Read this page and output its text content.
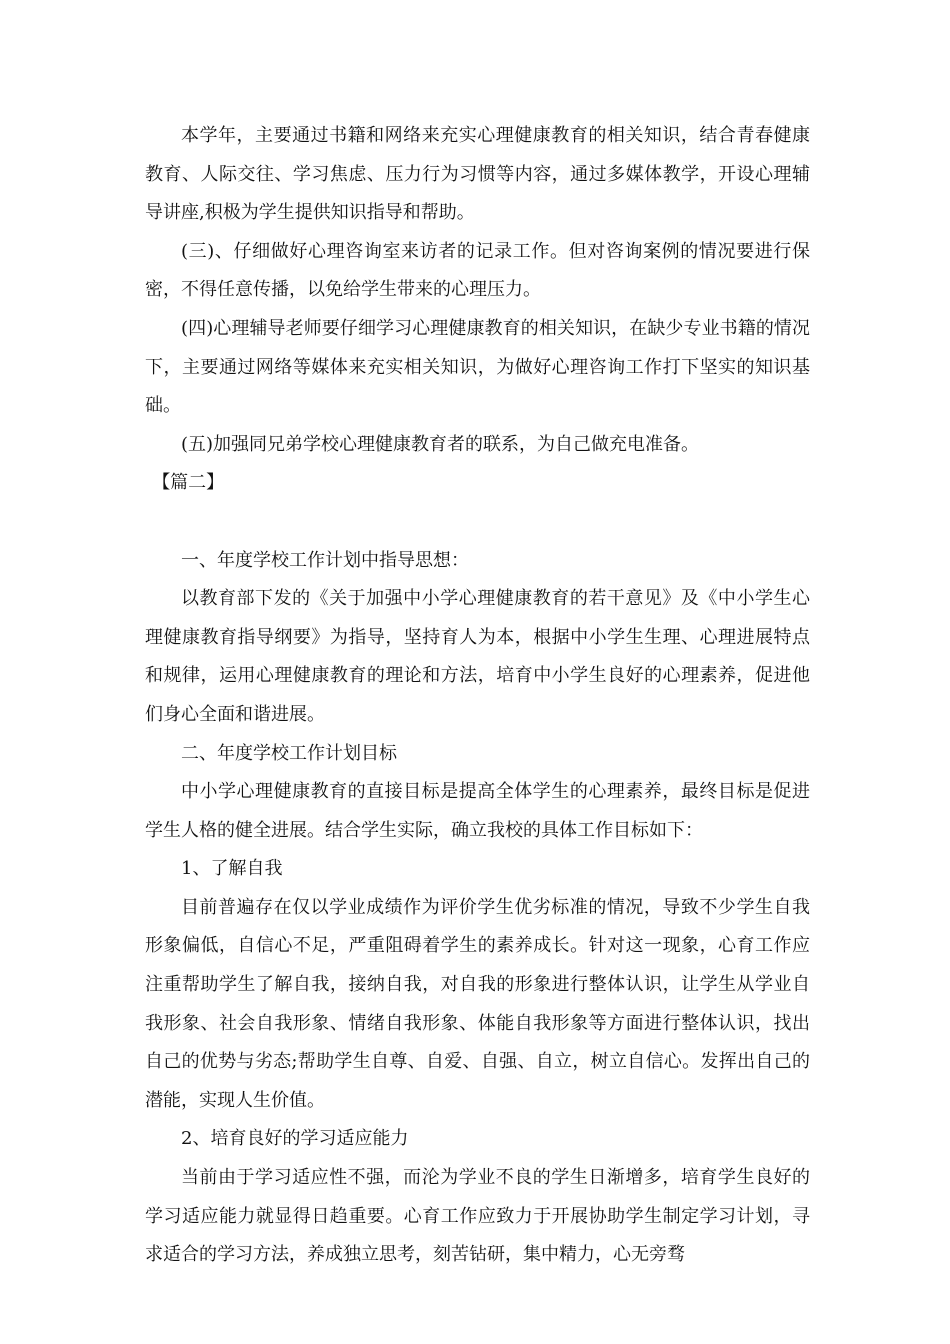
本学年，主要通过书籍和网络来充实心理健康教育的相关知识，结合青春健康教育、人际交往、学习焦虑、压力行为习惯等内容，通过多媒体教学，开设心理辅导讲座,积极为学生提供知识指导和帮助。

(三)、仔细做好心理咨询室来访者的记录工作。但对咨询案例的情况要进行保密，不得任意传播，以免给学生带来的心理压力。

(四)心理辅导老师要仔细学习心理健康教育的相关知识，在缺少专业书籍的情况下，主要通过网络等媒体来充实相关知识，为做好心理咨询工作打下坚实的知识基础。

(五)加强同兄弟学校心理健康教育者的联系，为自己做充电准备。

【篇二】

一、年度学校工作计划中指导思想：

以教育部下发的《关于加强中小学心理健康教育的若干意见》及《中小学生心理健康教育指导纲要》为指导，坚持育人为本，根据中小学生生理、心理进展特点和规律，运用心理健康教育的理论和方法，培育中小学生良好的心理素养，促进他们身心全面和谐进展。

二、年度学校工作计划目标

中小学心理健康教育的直接目标是提高全体学生的心理素养，最终目标是促进学生人格的健全进展。结合学生实际，确立我校的具体工作目标如下：

1、了解自我

目前普遍存在仅以学业成绩作为评价学生优劣标准的情况，导致不少学生自我形象偏低，自信心不足，严重阻碍着学生的素养成长。针对这一现象，心育工作应注重帮助学生了解自我，接纳自我，对自我的形象进行整体认识，让学生从学业自我形象、社会自我形象、情绪自我形象、体能自我形象等方面进行整体认识，找出自己的优势与劣态;帮助学生自尊、自爱、自强、自立，树立自信心。发挥出自己的潜能，实现人生价值。

2、培育良好的学习适应能力

当前由于学习适应性不强，而沦为学业不良的学生日渐增多，培育学生良好的学习适应能力就显得日趋重要。心育工作应致力于开展协助学生制定学习计划，寻求适合的学习方法，养成独立思考，刻苦钻研，集中精力，心无旁骛
